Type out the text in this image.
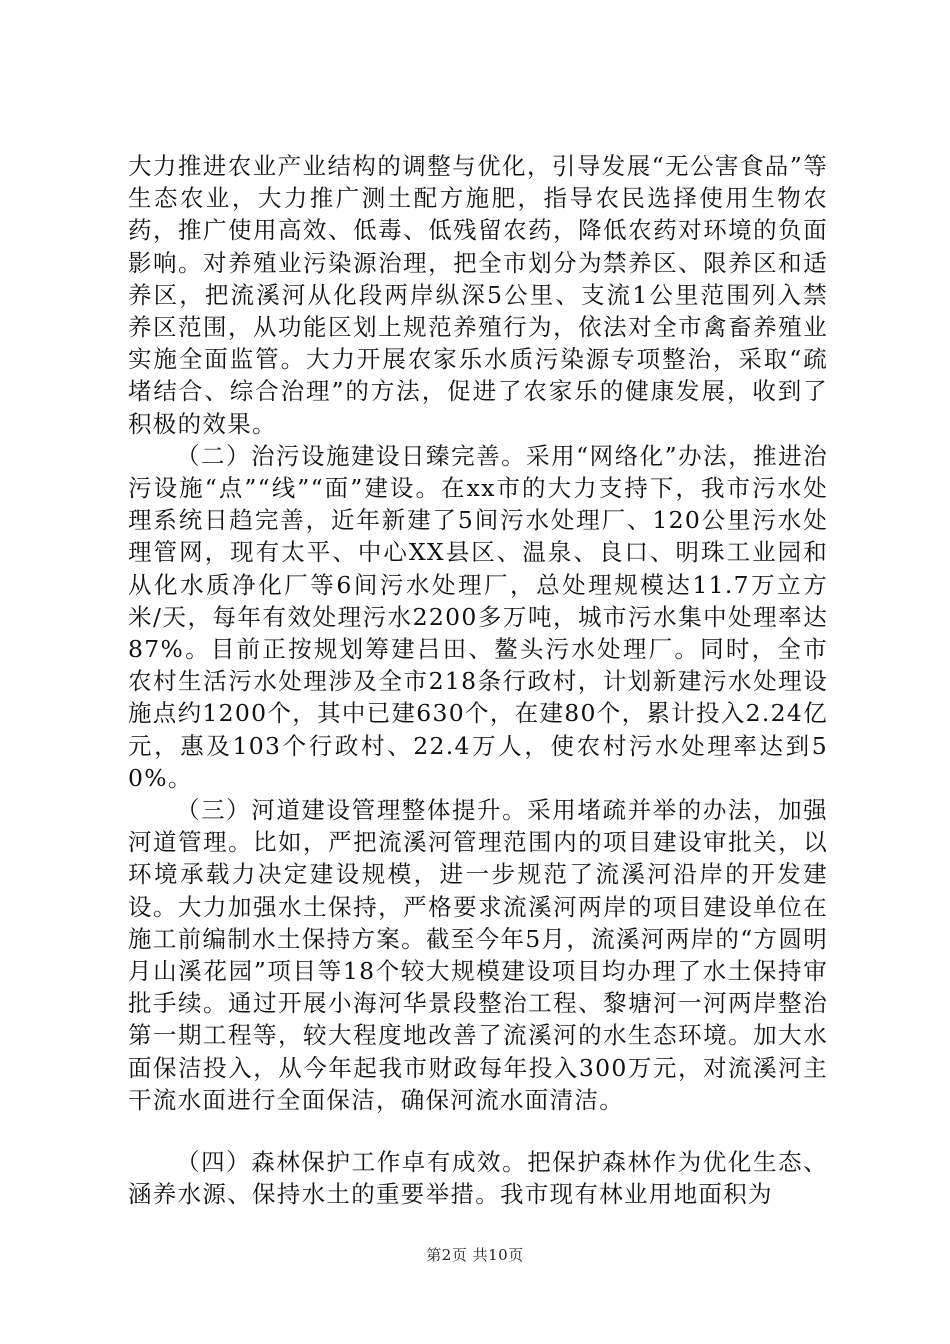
大力推进农业产业结构的调整与优化，引导发展“无公害食品”等生态农业，大力推广测土配方施肥，指导农民选择使用生物农药，推广使用高效、低毒、低残留农药，降低农药对环境的负面影响。对养殖业污染源治理，把全市划分为禁养区、限养区和适养区，把流溪河从化段两岸纵深5公里、支流1公里范围列入禁养区范围，从功能区划上规范养殖行为，依法对全市禽畜养殖业实施全面监管。大力开展农家乐水质污染源专项整治，采取“疏堵结合、综合治理”的方法，促进了农家乐的健康发展，收到了积极的效果。

（二）治污设施建设日臻完善。采用“网络化”办法，推进治污设施“点”“线”“面”建设。在xx市的大力支持下，我市污水处理系统日趋完善，近年新建了5间污水处理厂、120公里污水处理管网，现有太平、中心XX县区、温泉、良口、明珠工业园和从化水质净化厂等6间污水处理厂，总处理规模达11.7万立方米/天，每年有效处理污水2200多万吨，城市污水集中处理率达87%。目前正按规划筹建吕田、鳌头污水处理厂。同时，全市农村生活污水处理涉及全市218条行政村，计划新建污水处理设施点约1200个，其中已建630个，在建80个，累计投入2.24亿元，惠及103个行政村、22.4万人，使农村污水处理率达到50%。

（三）河道建设管理整体提升。采用堵疏并举的办法，加强河道管理。比如，严把流溪河管理范围内的项目建设审批关，以环境承载力决定建设规模，进一步规范了流溪河沿岸的开发建设。大力加强水土保持，严格要求流溪河两岸的项目建设单位在施工前编制水土保持方案。截至今年5月，流溪河两岸的“方圆明月山溪花园”项目等18个较大规模建设项目均办理了水土保持审批手续。通过开展小海河华景段整治工程、黎塘河一河两岸整治第一期工程等，较大程度地改善了流溪河的水生态环境。加大水面保洁投入，从今年起我市财政每年投入300万元，对流溪河主干流水面进行全面保洁，确保河流水面清洁。

（四）森林保护工作卓有成效。把保护森林作为优化生态、涵养水源、保持水土的重要举措。我市现有林业用地面积为

第2页 共10页
